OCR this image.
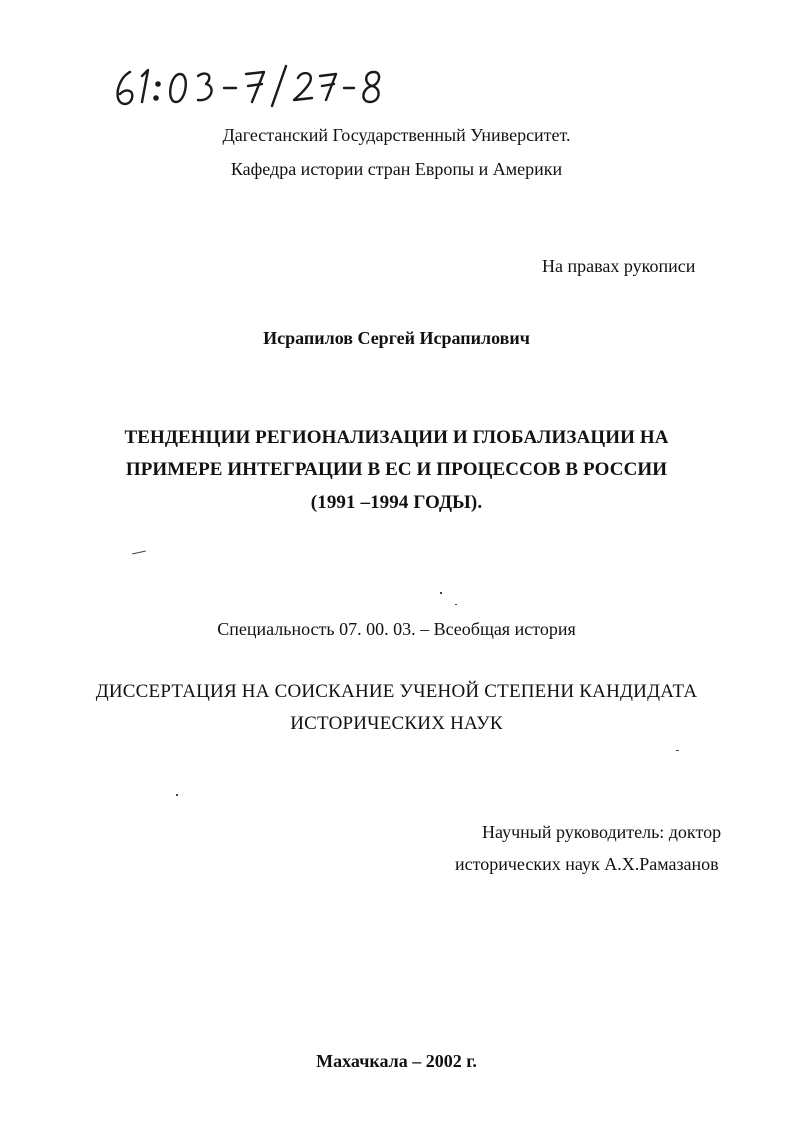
Дагестанский Государственный Университет.
Кафедра истории стран Европы и Америки
На правах рукописи
Исрапилов Сергей Исрапилович
ТЕНДЕНЦИИ РЕГИОНАЛИЗАЦИИ И ГЛОБАЛИЗАЦИИ НА
ПРИМЕРЕ ИНТЕГРАЦИИ В ЕС И ПРОЦЕССОВ В РОССИИ
(1991 –1994 ГОДЫ).
Специальность 07. 00. 03. – Всеобщая история
ДИССЕРТАЦИЯ НА СОИСКАНИЕ УЧЕНОЙ СТЕПЕНИ КАНДИДАТА
ИСТОРИЧЕСКИХ НАУК
Научный руководитель: доктор
исторических наук А.Х.Рамазанов
Махачкала – 2002 г.
